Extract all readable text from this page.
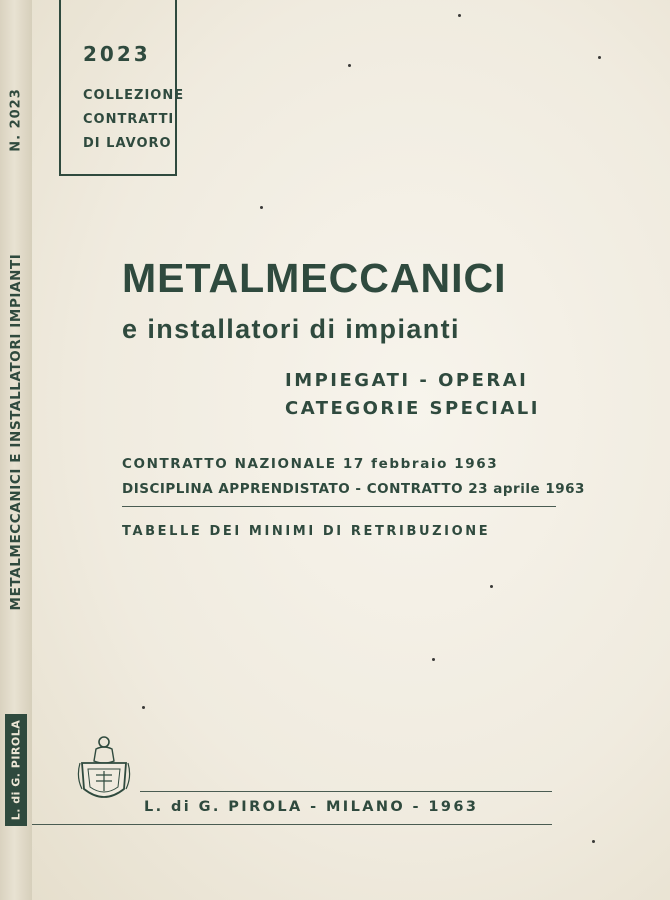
N. 2023
METALMECCANICI E INSTALLATORI IMPIANTI
L. di G. PIROLA
2023
COLLEZIONE
CONTRATTI
DI LAVORO
METALMECCANICI
e installatori di impianti
IMPIEGATI - OPERAI
CATEGORIE SPECIALI
CONTRATTO NAZIONALE 17 febbraio 1963
DISCIPLINA APPRENDISTATO - CONTRATTO 23 aprile 1963
TABELLE DEI MINIMI DI RETRIBUZIONE
L. di G. PIROLA - MILANO - 1963
